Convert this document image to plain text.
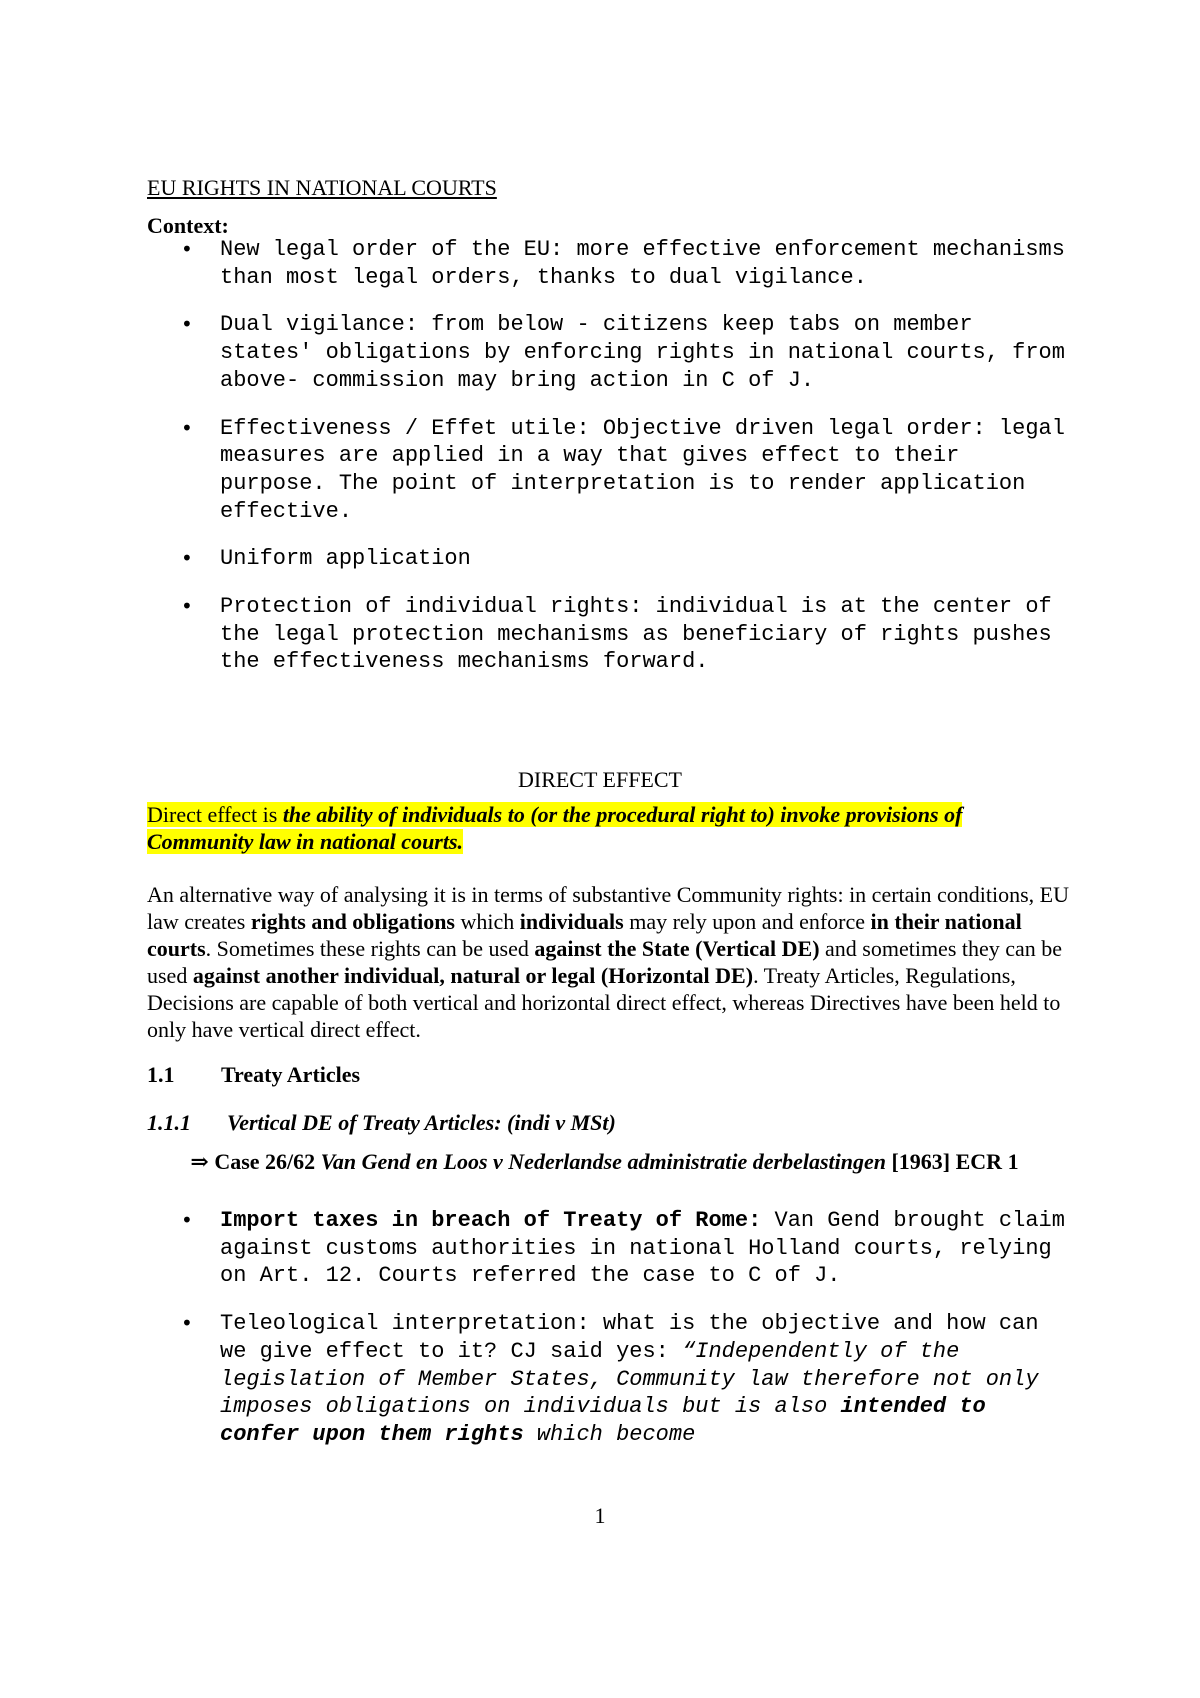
EU RIGHTS IN NATIONAL COURTS
Context:
• New legal order of the EU: more effective enforcement mechanisms than most legal orders, thanks to dual vigilance.
• Dual vigilance: from below - citizens keep tabs on member states' obligations by enforcing rights in national courts, from above- commission may bring action in C of J.
• Effectiveness / Effet utile: Objective driven legal order: legal measures are applied in a way that gives effect to their purpose. The point of interpretation is to render application effective.
• Uniform application
• Protection of individual rights: individual is at the center of the legal protection mechanisms as beneficiary of rights pushes the effectiveness mechanisms forward.
DIRECT EFFECT
Direct effect is the ability of individuals to (or the procedural right to) invoke provisions of Community law in national courts.
An alternative way of analysing it is in terms of substantive Community rights: in certain conditions, EU law creates rights and obligations which individuals may rely upon and enforce in their national courts. Sometimes these rights can be used against the State (Vertical DE) and sometimes they can be used against another individual, natural or legal (Horizontal DE). Treaty Articles, Regulations, Decisions are capable of both vertical and horizontal direct effect, whereas Directives have been held to only have vertical direct effect.
1.1 Treaty Articles
1.1.1 Vertical DE of Treaty Articles: (indi v MSt)
⇒ Case 26/62 Van Gend en Loos v Nederlandse administratie derbelastingen [1963] ECR 1
• Import taxes in breach of Treaty of Rome: Van Gend brought claim against customs authorities in national Holland courts, relying on Art. 12. Courts referred the case to C of J.
• Teleological interpretation: what is the objective and how can we give effect to it? CJ said yes: “Independently of the legislation of Member States, Community law therefore not only imposes obligations on individuals but is also intended to confer upon them rights which become
1
